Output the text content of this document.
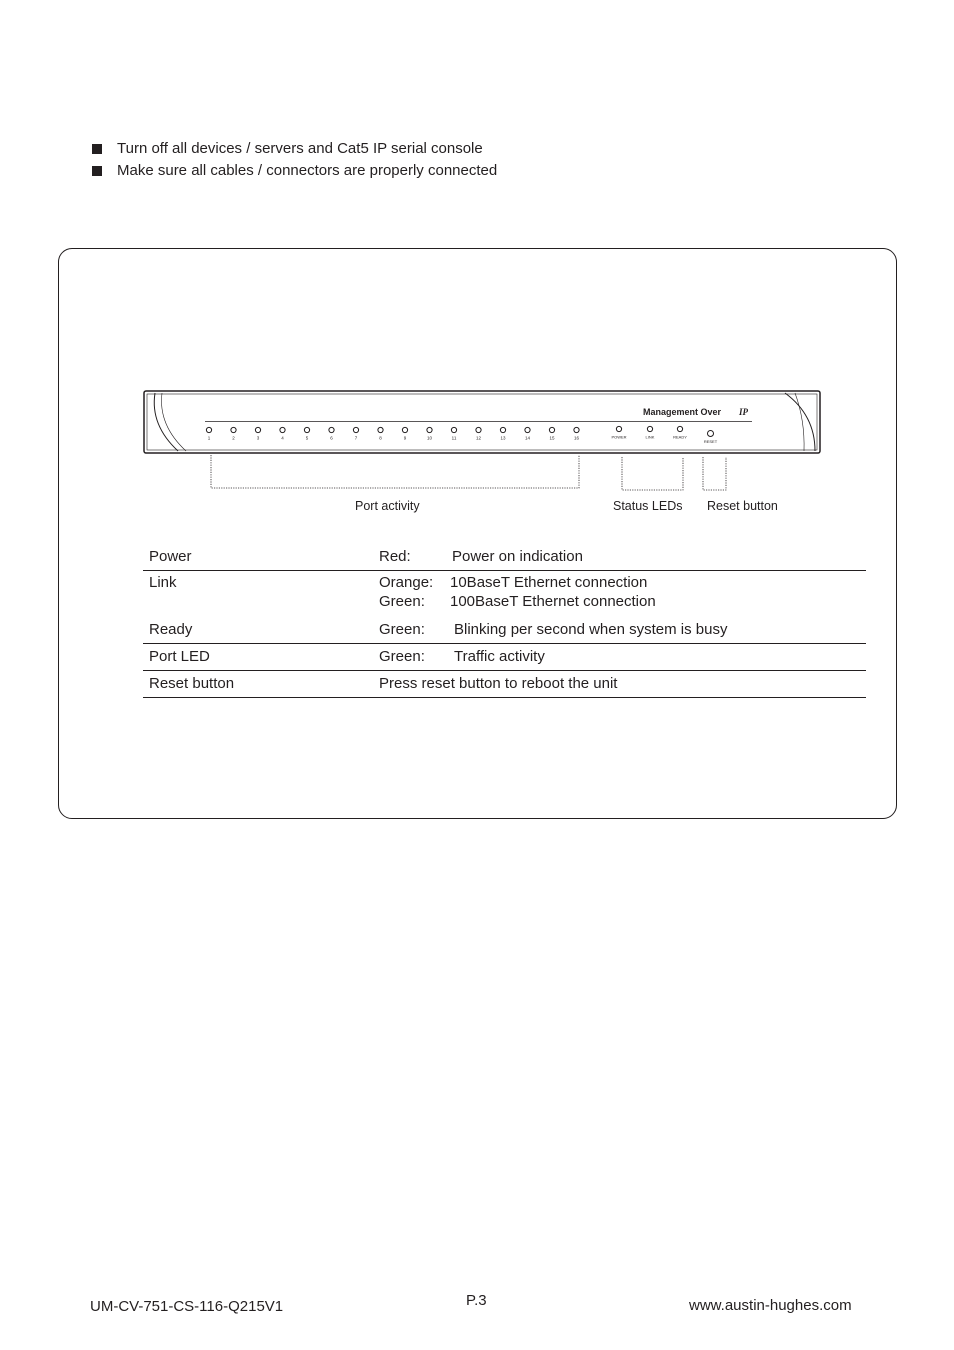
Turn off all devices / servers and Cat5 IP serial console
Make sure all cables / connectors are properly connected
Management Over IP
1	2	3	4	5	6	7	8	9	10	11	12	13	14	15	16	POWER	LINK	READY
RESET
Port activity	Status LEDs Reset button
Power	Red:	Power on indication
Link	Orange:	10BaseT Ethernet connection
Green:	100BaseT Ethernet connection
Ready	Green:	Blinking per second when system is busy
Port LED	Green:	Traffic activity
Reset button	Press reset button to reboot the unit
UM-CV-751-CS-116-Q215V1	P.3	www.austin-hughes.com
